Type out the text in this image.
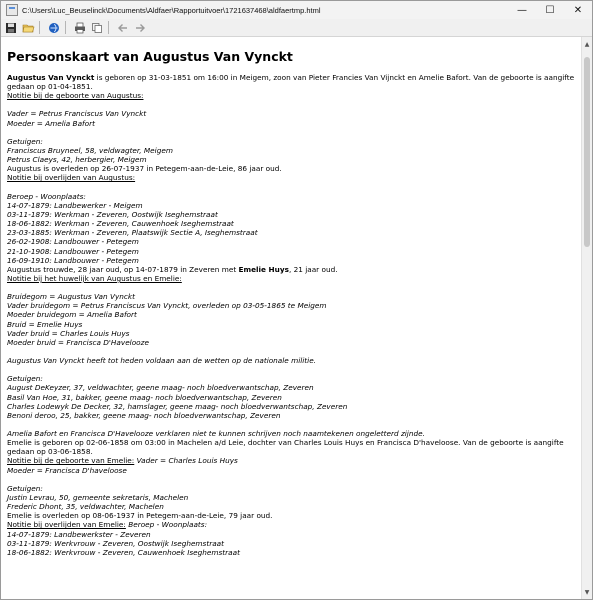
C:\Users\Luc_Beuselinck\Documents\Aldfaer\Rapportuitvoer\1721637468\aldfaertmp.html	—	☐	✕
Persoonskaart van Augustus Van Vynckt

Augustus Van Vynckt is geboren op 31-03-1851 om 16:00 in Meigem, zoon van Pieter Francies Van Vijnckt en Amelie Bafort. Van de geboorte is aangifte gedaan op 01-04-1851.

Notitie bij de geboorte van Augustus:

Vader = Petrus Franciscus Van Vynckt

Moeder = Amelia Bafort

Getuigen:

Franciscus Bruyneel, 58, veldwagter, Meigem

Petrus Claeys, 42, herbergier, Meigem

Augustus is overleden op 26-07-1937 in Petegem-aan-de-Leie, 86 jaar oud.

Notitie bij overlijden van Augustus:

Beroep - Woonplaats:

14-07-1879: Landbewerker - Meigem

03-11-1879: Werkman - Zeveren, Oostwijk Iseghemstraat

18-06-1882: Werkman - Zeveren, Cauwenhoek Iseghemstraat

23-03-1885: Werkman - Zeveren, Plaatswijk Sectie A, Iseghemstraat

26-02-1908: Landbouwer - Petegem

21-10-1908: Landbouwer - Petegem

16-09-1910: Landbouwer - Petegem

Augustus trouwde, 28 jaar oud, op 14-07-1879 in Zeveren met Emelie Huys, 21 jaar oud.

Notitie bij het huwelijk van Augustus en Emelie:

Bruidegom = Augustus Van Vynckt

Vader bruidegom = Petrus Franciscus Van Vynckt, overleden op 03-05-1865 te Meigem

Moeder bruidegom = Amelia Bafort

Bruid = Emelie Huys

Vader bruid = Charles Louis Huys

Moeder bruid = Francisca D'Havelooze

Augustus Van Vynckt heeft tot heden voldaan aan de wetten op de nationale militie.

Getuigen:

August DeKeyzer, 37, veldwachter, geene maag- noch bloedverwantschap, Zeveren

Basil Van Hoe, 31, bakker, geene maag- noch bloedverwantschap, Zeveren

Charles Lodewyk De Decker, 32, hamslager, geene maag- noch bloedverwantschap, Zeveren

Benoni deroo, 25, bakker, geene maag- noch bloedverwantschap, Zeveren

Amelia Bafort en Francisca D'Havelooze verklaren niet te kunnen schrijven noch naamtekenen ongeletterd zijnde.

Emelie is geboren op 02-06-1858 om 03:00 in Machelen a/d Leie, dochter van Charles Louis Huys en Francisca D'haveloose. Van de geboorte is aangifte gedaan op 03-06-1858.

Notitie bij de geboorte van Emelie: Vader = Charles Louis Huys

Moeder = Francisca D'haveloose

Getuigen:

Justin Levrau, 50, gemeente sekretaris, Machelen

Frederic Dhont, 35, veldwachter, Machelen

Emelie is overleden op 08-06-1937 in Petegem-aan-de-Leie, 79 jaar oud.

Notitie bij overlijden van Emelie: Beroep - Woonplaats:

14-07-1879: Landbewerkster - Zeveren

03-11-1879: Werkvrouw - Zeveren, Oostwijk Iseghemstraat

18-06-1882: Werkvrouw - Zeveren, Cauwenhoek Iseghemstraat

▲
▼
